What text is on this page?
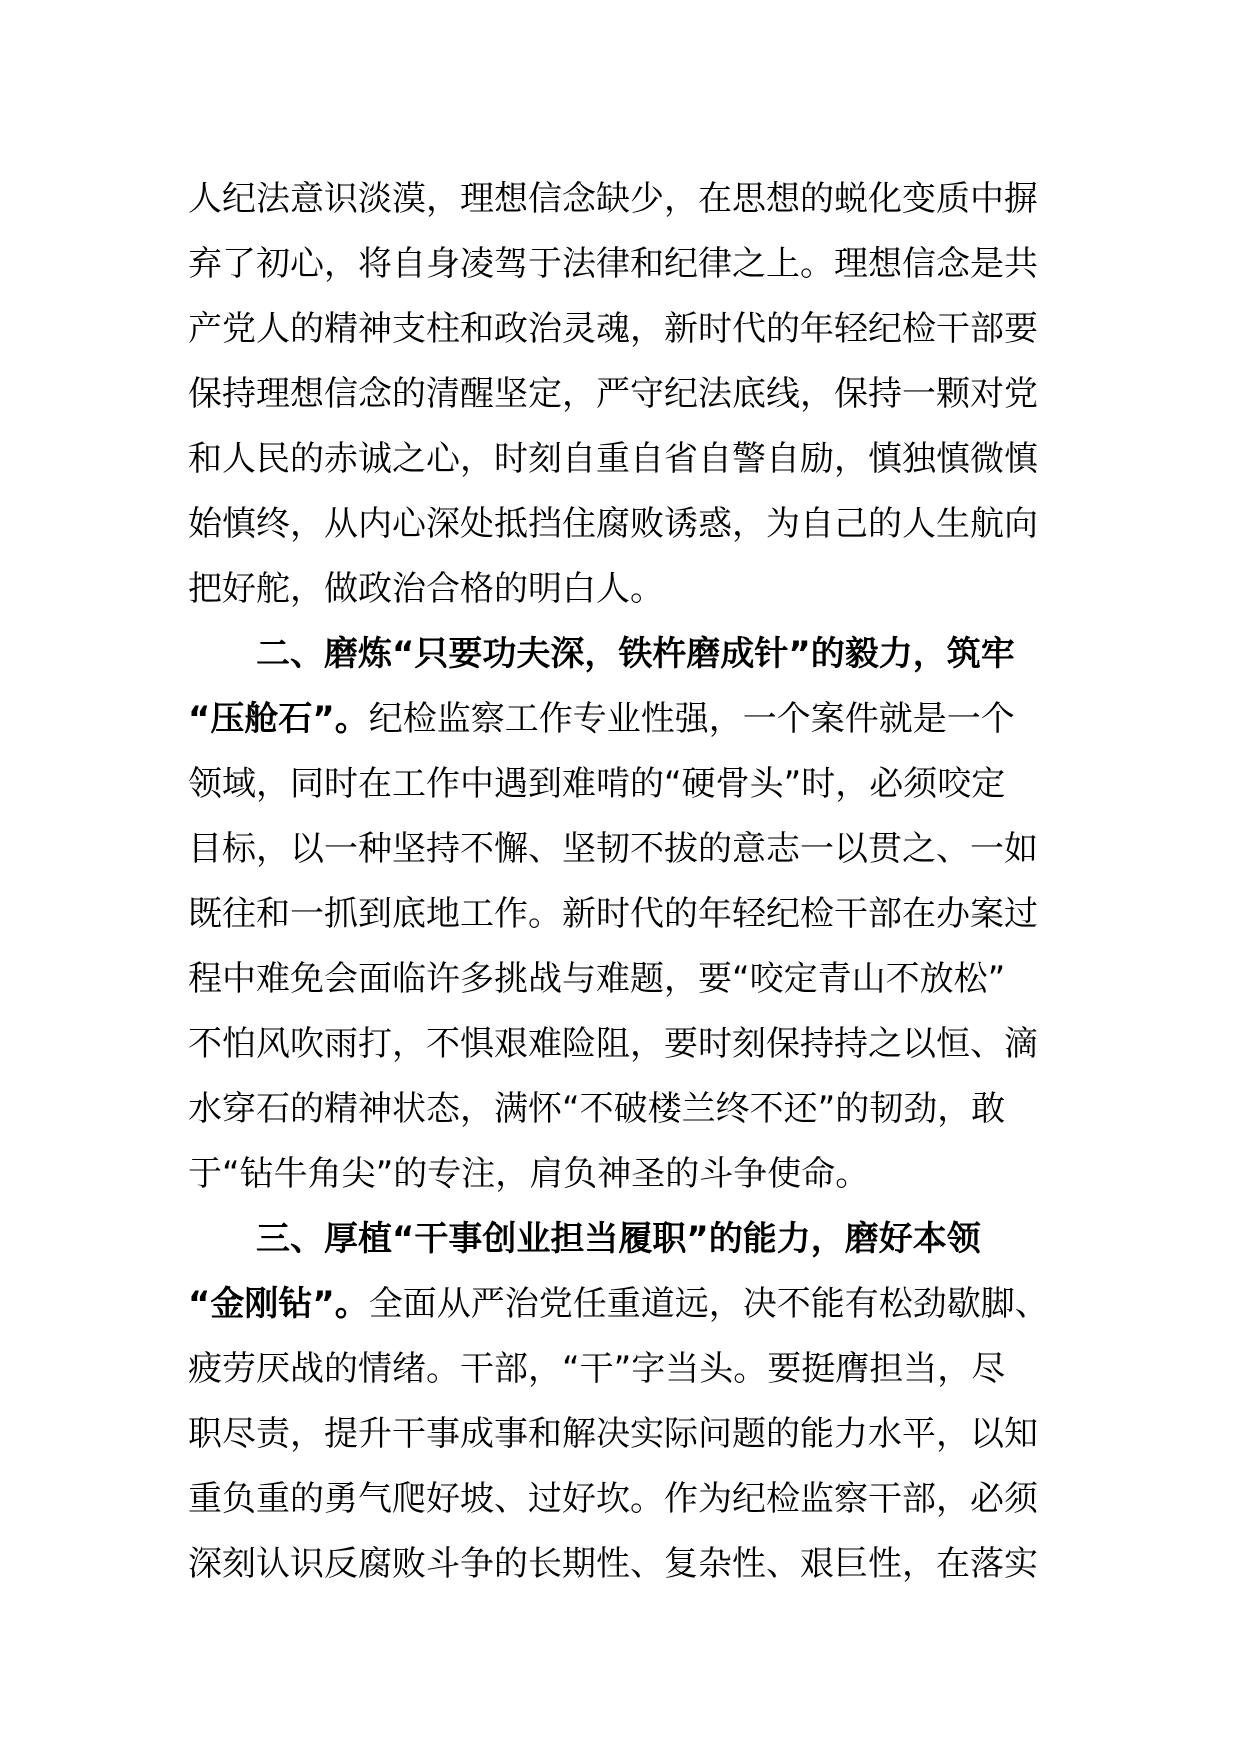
人纪法意识淡漠，理想信念缺少，在思想的蜕化变质中摒
弃了初心，将自身凌驾于法律和纪律之上。理想信念是共
产党人的精神支柱和政治灵魂，新时代的年轻纪检干部要
保持理想信念的清醒坚定，严守纪法底线，保持一颗对党
和人民的赤诚之心，时刻自重自省自警自励，慎独慎微慎
始慎终，从内心深处抵挡住腐败诱惑，为自己的人生航向
把好舵，做政治合格的明白人。
二、磨炼“只要功夫深，铁杵磨成针”的毅力，筑牢
“压舱石”。纪检监察工作专业性强，一个案件就是一个
领域，同时在工作中遇到难啃的“硬骨头”时，必须咬定
目标，以一种坚持不懈、坚韧不拔的意志一以贯之、一如
既往和一抓到底地工作。新时代的年轻纪检干部在办案过
程中难免会面临许多挑战与难题，要“咬定青山不放松”
不怕风吹雨打，不惧艰难险阻，要时刻保持持之以恒、滴
水穿石的精神状态，满怀“不破楼兰终不还”的韧劲，敢
于“钻牛角尖”的专注，肩负神圣的斗争使命。
三、厚植“干事创业担当履职”的能力，磨好本领
“金刚钻”。全面从严治党任重道远，决不能有松劲歇脚、
疲劳厌战的情绪。干部，“干”字当头。要挺膺担当，尽
职尽责，提升干事成事和解决实际问题的能力水平，以知
重负重的勇气爬好坡、过好坎。作为纪检监察干部，必须
深刻认识反腐败斗争的长期性、复杂性、艰巨性，在落实
